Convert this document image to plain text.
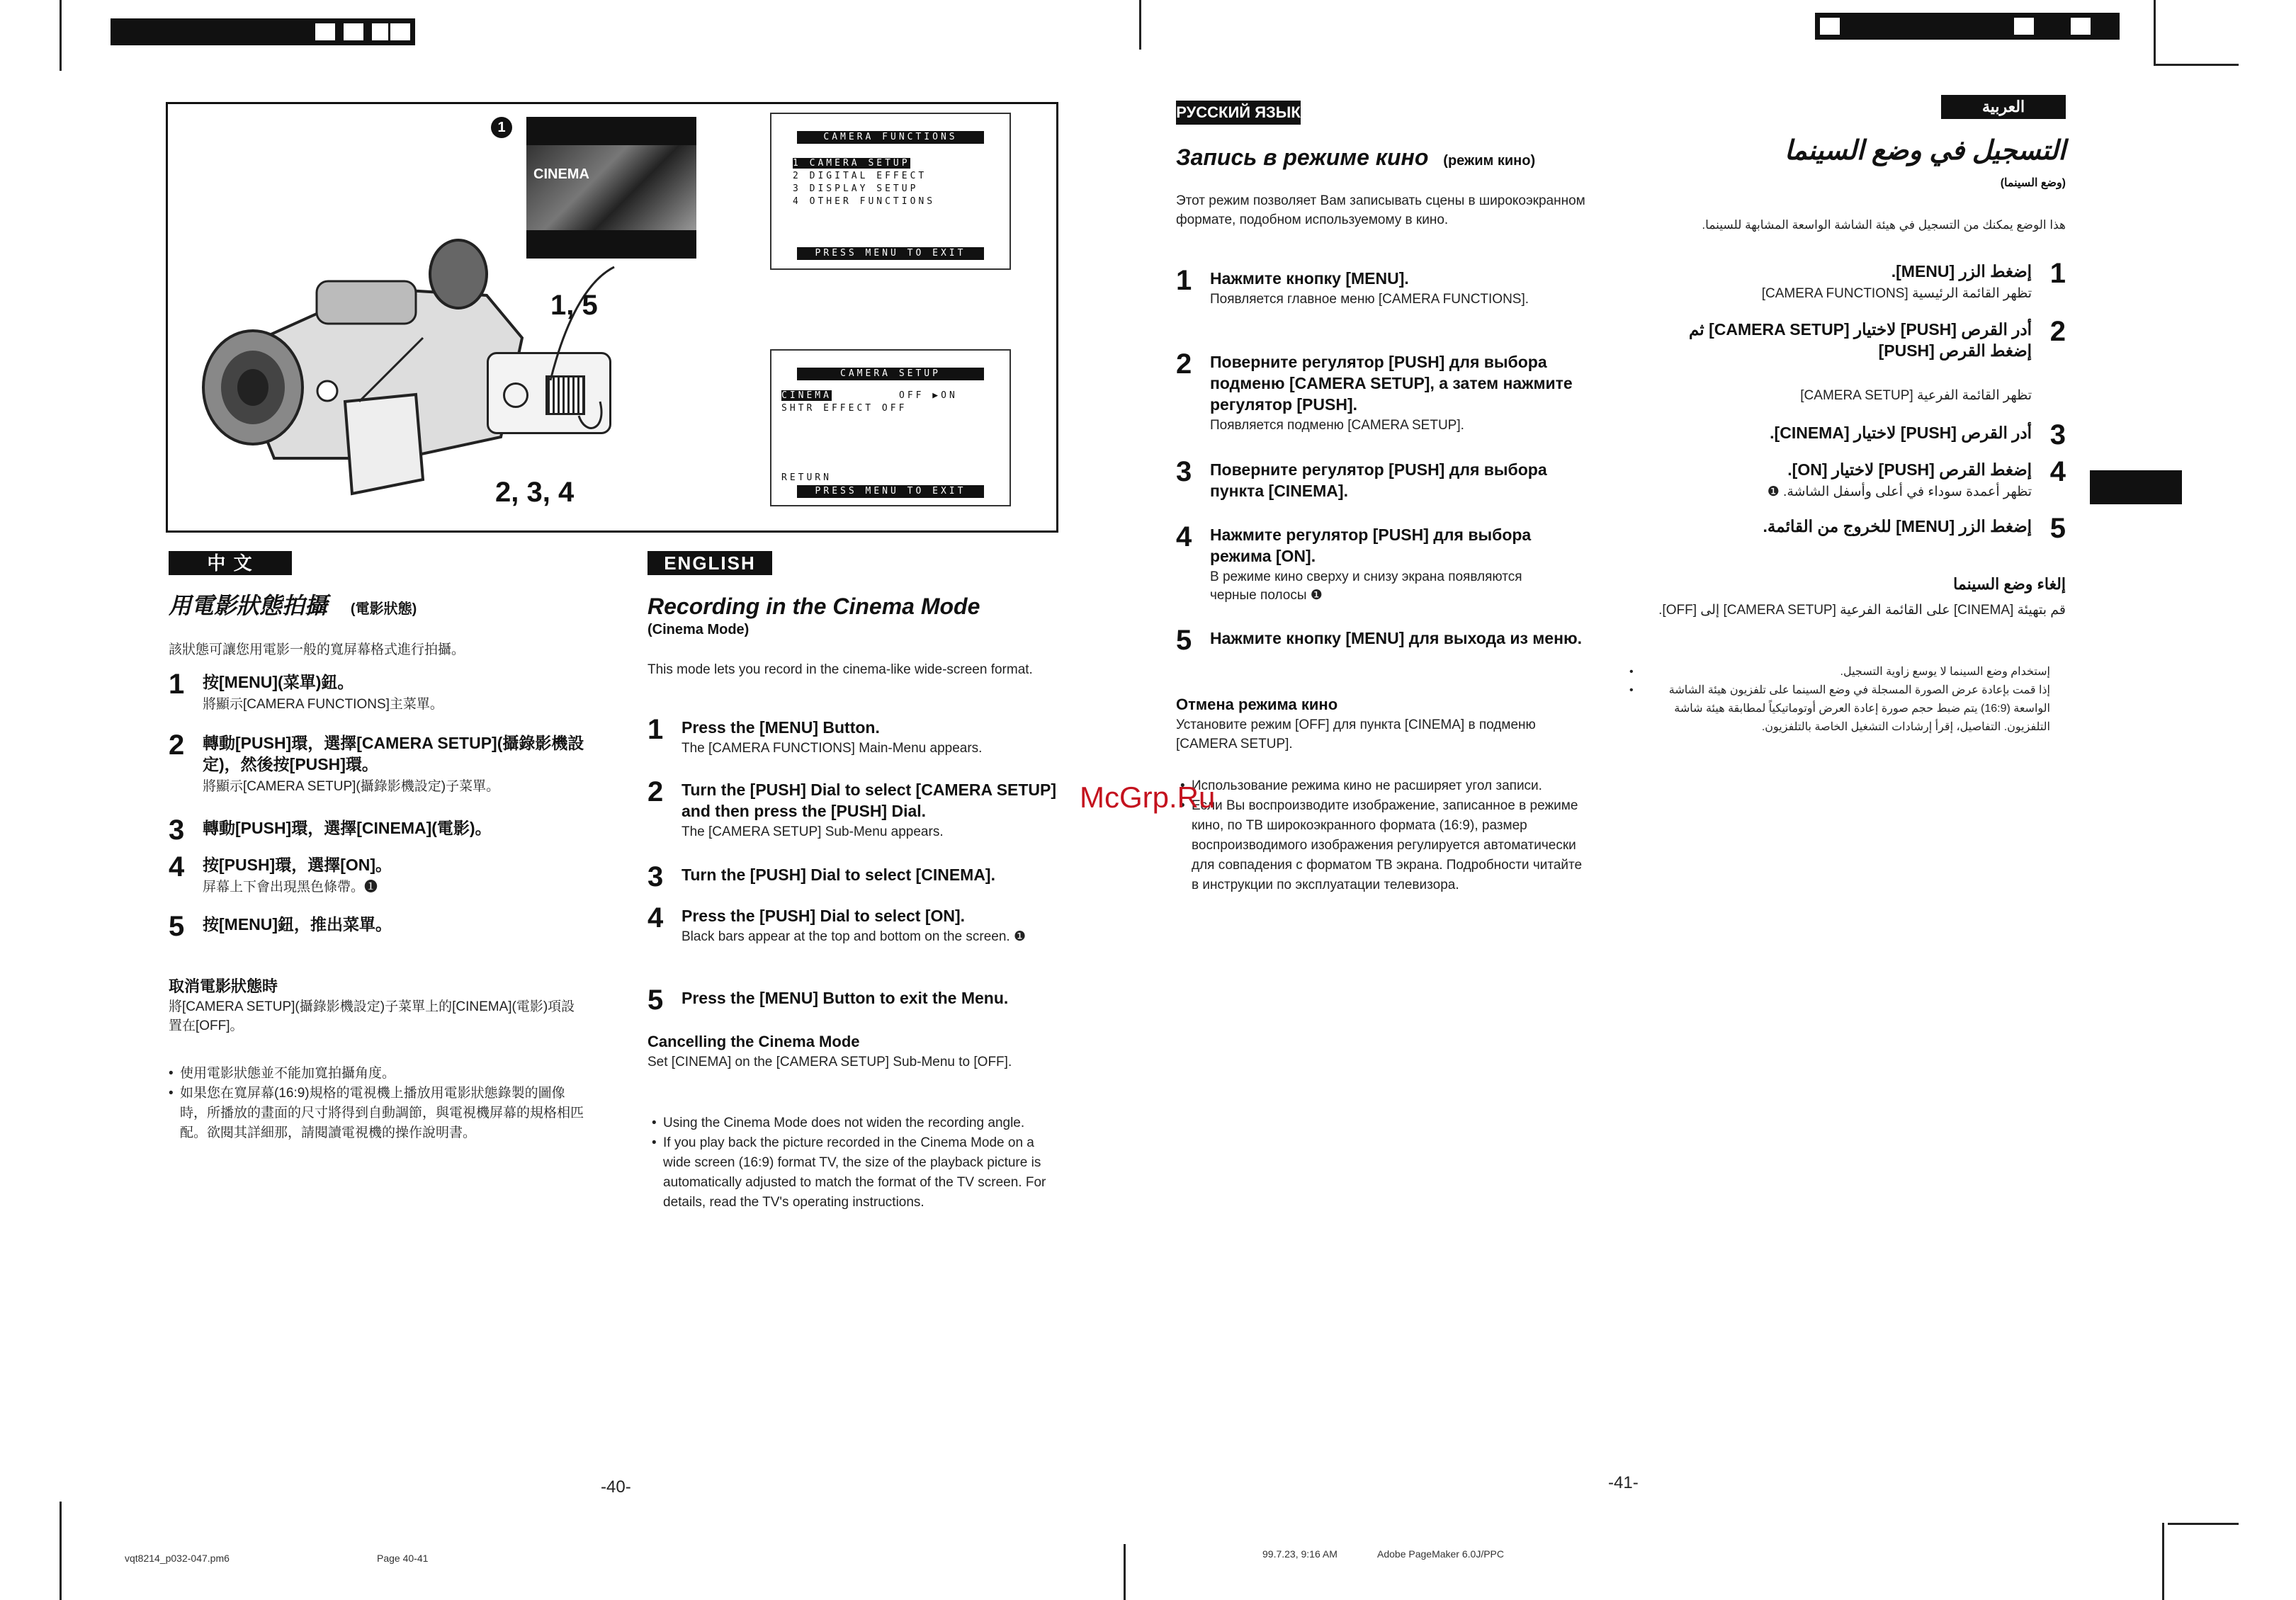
1, 5
2, 3, 4
1
CINEMA
CAMERA FUNCTIONS
1 CAMERA SETUP
2 DIGITAL EFFECT
3 DISPLAY SETUP
4 OTHER FUNCTIONS
PRESS MENU TO EXIT
CAMERA SETUP
CINEMA	OFF ▶ON
SHTR EFFECT OFF
RETURN
PRESS MENU TO EXIT
中 文
用電影狀態拍攝 (電影狀態)
該狀態可讓您用電影一般的寬屏幕格式進行拍攝。
1 按[MENU](菜單)鈕。
將顯示[CAMERA FUNCTIONS]主菜單。
2 轉動[PUSH]環，選擇[CAMERA SETUP](攝錄影機設定)，然後按[PUSH]環。
將顯示[CAMERA SETUP](攝錄影機設定)子菜單。
3 轉動[PUSH]環，選擇[CINEMA](電影)。
4 按[PUSH]環，選擇[ON]。
屏幕上下會出現黑色條帶。❶
5 按[MENU]鈕，推出菜單。
取消電影狀態時
將[CAMERA SETUP](攝錄影機設定)子菜單上的[CINEMA](電影)項設置在[OFF]。
• 使用電影狀態並不能加寬拍攝角度。
• 如果您在寬屏幕(16:9)規格的電視機上播放用電影狀態錄製的圖像時，所播放的畫面的尺寸將得到自動調節，與電視機屏幕的規格相匹配。欲閱其詳細那，請閱讀電視機的操作說明書。
ENGLISH
Recording in the Cinema Mode
(Cinema Mode)
This mode lets you record in the cinema-like wide-screen format.
1 Press the [MENU] Button.
The [CAMERA FUNCTIONS] Main-Menu appears.
2 Turn the [PUSH] Dial to select [CAMERA SETUP] and then press the [PUSH] Dial.
The [CAMERA SETUP] Sub-Menu appears.
3 Turn the [PUSH] Dial to select [CINEMA].
4 Press the [PUSH] Dial to select [ON].
Black bars appear at the top and bottom on the screen. ❶
5 Press the [MENU] Button to exit the Menu.
Cancelling the Cinema Mode
Set [CINEMA] on the [CAMERA SETUP] Sub-Menu to [OFF].
• Using the Cinema Mode does not widen the recording angle.
• If you play back the picture recorded in the Cinema Mode on a wide screen (16:9) format TV, the size of the playback picture is automatically adjusted to match the format of the TV screen. For details, read the TV's operating instructions.
РУССКИЙ ЯЗЫК
Запись в режиме кино (режим кино)
Этот режим позволяет Вам записывать сцены в широкоэкранном формате, подобном используемому в кино.
1 Нажмите кнопку [MENU].
Появляется главное меню [CAMERA FUNCTIONS].
2 Поверните регулятор [PUSH] для выбора подменю [CAMERA SETUP], а затем нажмите регулятор [PUSH].
Появляется подменю [CAMERA SETUP].
3 Поверните регулятор [PUSH] для выбора пункта [CINEMA].
4 Нажмите регулятор [PUSH] для выбора режима [ON].
В режиме кино сверху и снизу экрана появляются черные полосы ❶
5 Нажмите кнопку [MENU] для выхода из меню.
Отмена режима кино
Установите режим [OFF] для пункта [CINEMA] в подменю [CAMERA SETUP].
• Использование режима кино не расширяет угол записи.
• Если Вы воспроизводите изображение, записанное в режиме кино, по ТВ широкоэкранного формата (16:9), размер воспроизводимого изображения регулируется автоматически для совпадения с форматом ТВ экрана. Подробности читайте в инструкции по эксплуатации телевизора.
العربية
التسجيل في وضع السينما
(وضع السينما)
هذا الوضع يمكنك من التسجيل في هيئة الشاشة الواسعة المشابهة للسينما.
1
إضغط الزر [MENU].
تظهر القائمة الرئيسية [CAMERA FUNCTIONS]
2
أدر القرص [PUSH] لاختيار [CAMERA SETUP] ثم إضغط القرص [PUSH]
تظهر القائمة الفرعية [CAMERA SETUP]
3
أدر القرص [PUSH] لاختيار [CINEMA].
4
إضغط القرص [PUSH] لاختيار [ON].
تظهر أعمدة سوداء في أعلى وأسفل الشاشة. ❶
5
إضغط الزر [MENU] للخروج من القائمة.
إلغاء وضع السينما
قم بتهيئة [CINEMA] على القائمة الفرعية [CAMERA SETUP] إلى [OFF].
• إستخدام وضع السينما لا يوسع زاوية التسجيل.
• إذا قمت بإعادة عرض الصورة المسجلة في وضع السينما على تلفزيون هيئة الشاشة الواسعة (16:9) يتم ضبط حجم صورة إعادة العرض أوتوماتيكياً لمطابقة هيئة شاشة التلفزيون. التفاصيل، إقرأ إرشادات التشغيل الخاصة بالتلفزيون.
McGrp.Ru
-40-	-41-
vqt8214_p032-047.pm6	Page 40-41	99.7.23, 9:16 AM	Adobe PageMaker 6.0J/PPC
